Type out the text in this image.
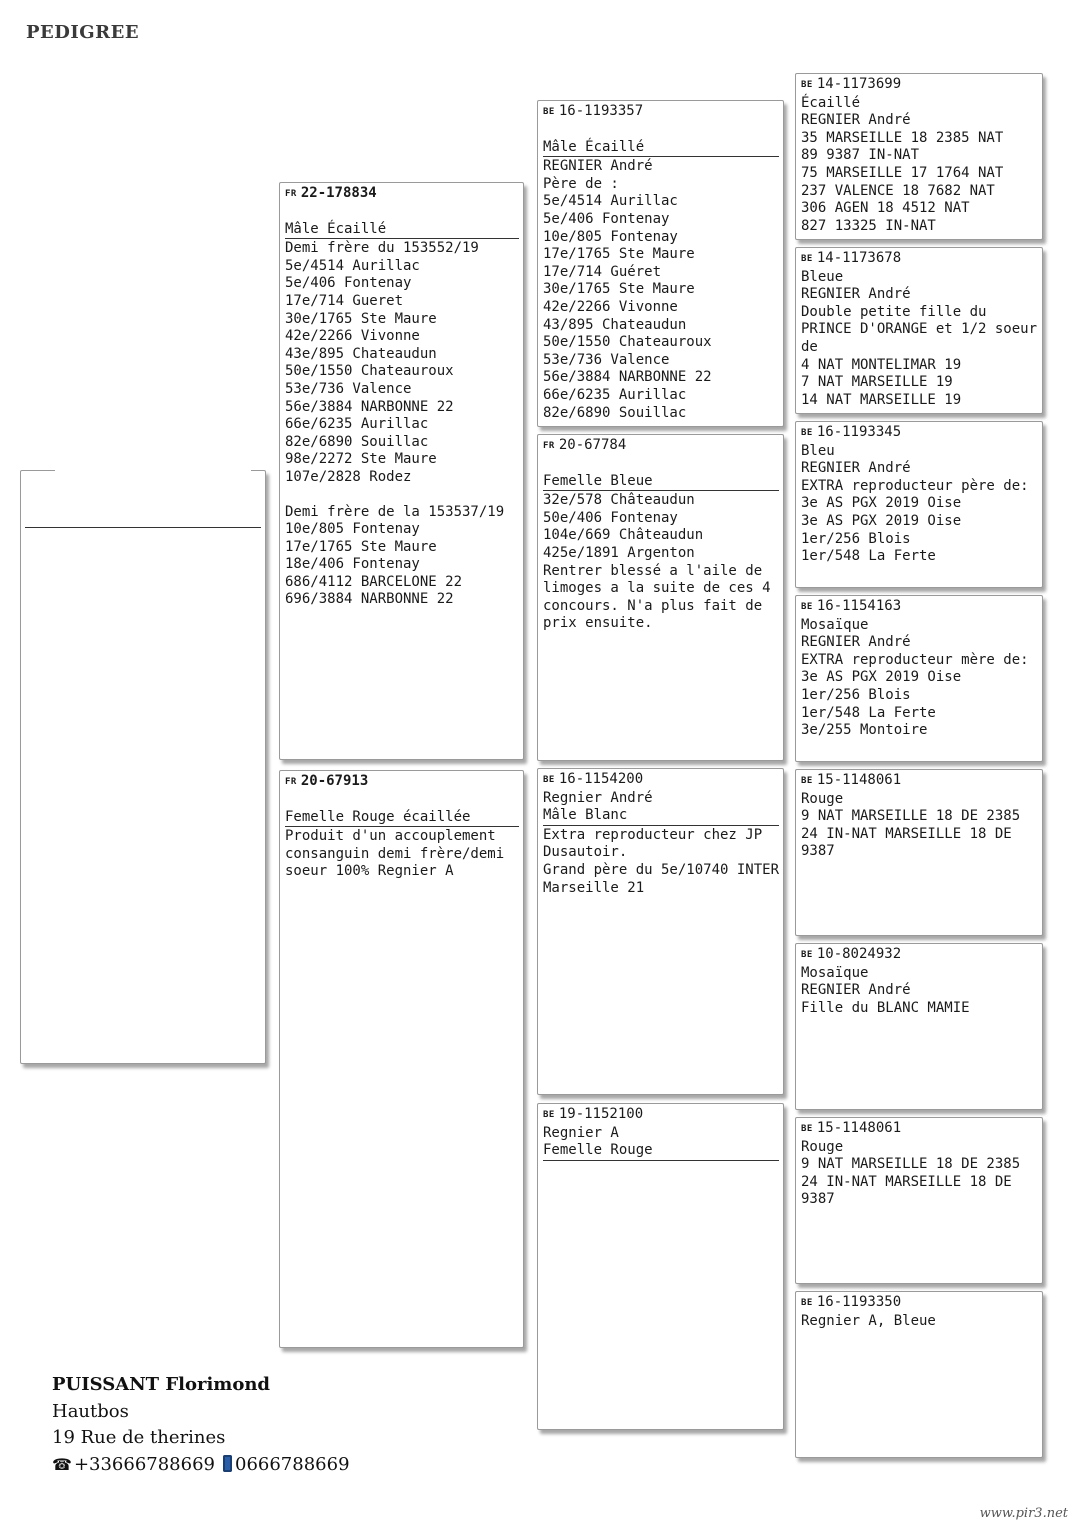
PEDIGREE

FR 22-178834
Mâle Écaillé
Demi frère du 153552/19
5e/4514 Aurillac
5e/406 Fontenay
17e/714 Gueret
30e/1765 Ste Maure
42e/2266 Vivonne
43e/895 Chateaudun
50e/1550 Chateauroux
53e/736 Valence
56e/3884 NARBONNE 22
66e/6235 Aurillac
82e/6890 Souillac
98e/2272 Ste Maure
107e/2828 Rodez
Demi frère de la 153537/19
10e/805 Fontenay
17e/1765 Ste Maure
18e/406 Fontenay
686/4112 BARCELONE 22
696/3884 NARBONNE 22
FR 20-67913
Femelle Rouge écaillée
Produit d'un accouplement consanguin demi frère/demi soeur 100% Regnier A
BE 16-1193357
Mâle Écaillé
REGNIER André
Père de :
5e/4514 Aurillac
5e/406 Fontenay
10e/805 Fontenay
17e/1765 Ste Maure
17e/714 Guéret
30e/1765 Ste Maure
42e/2266 Vivonne
43/895 Chateaudun
50e/1550 Chateauroux
53e/736 Valence
56e/3884 NARBONNE 22
66e/6235 Aurillac
82e/6890 Souillac
FR 20-67784
Femelle Bleue
32e/578 Châteaudun
50e/406 Fontenay
104e/669 Châteaudun
425e/1891 Argenton
Rentrer blessé a l'aile de limoges a la suite de ces 4 concours. N'a plus fait de prix ensuite.
BE 16-1154200
Regnier André
Mâle Blanc
Extra reproducteur chez JP Dusautoir.
Grand père du 5e/10740 INTER Marseille 21
BE 19-1152100
Regnier A
Femelle Rouge
BE 14-1173699
Écaillé
REGNIER André
35 MARSEILLE 18 2385 NAT
89 9387 IN-NAT
75 MARSEILLE 17 1764 NAT
237 VALENCE 18 7682 NAT
306 AGEN 18 4512 NAT
827 13325 IN-NAT
BE 14-1173678
Bleue
REGNIER André
Double petite fille du PRINCE D'ORANGE et 1/2 soeur de
4 NAT MONTELIMAR 19
7 NAT MARSEILLE 19
14 NAT MARSEILLE 19
BE 16-1193345
Bleu
REGNIER André
EXTRA reproducteur père de:
3e AS PGX 2019 Oise
3e AS PGX 2019 Oise
1er/256 Blois
1er/548 La Ferte
BE 16-1154163
Mosaïque
REGNIER André
EXTRA reproducteur mère de:
3e AS PGX 2019 Oise
1er/256 Blois
1er/548 La Ferte
3e/255 Montoire
BE 15-1148061
Rouge
9 NAT MARSEILLE 18 DE 2385
24 IN-NAT MARSEILLE 18 DE 9387
BE 10-8024932
Mosaïque
REGNIER André
Fille du BLANC MAMIE
BE 15-1148061
Rouge
9 NAT MARSEILLE 18 DE 2385
24 IN-NAT MARSEILLE 18 DE 9387
BE 16-1193350
Regnier A, Bleue
PUISSANT Florimond
Hautbos
19 Rue de therines
☎ +33666788669 0666788669
www.pir3.net
